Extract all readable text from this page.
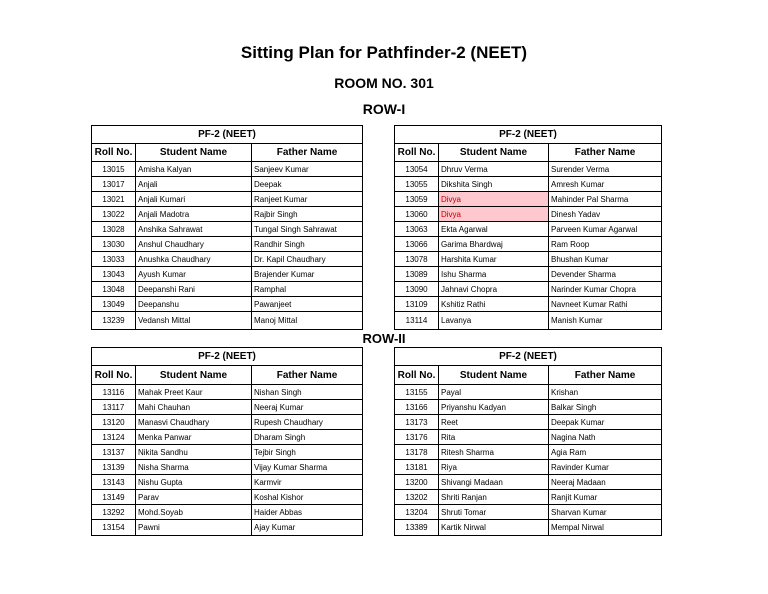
Sitting Plan for Pathfinder-2 (NEET)
ROOM NO. 301
ROW-I
ROW-II
PF-2 (NEET)		
Roll No.	Student Name	Father Name
13015	Amisha Kalyan	Sanjeev Kumar
13017	Anjali	Deepak
13021	Anjali Kumari	Ranjeet Kumar
13022	Anjali Madotra	Rajbir Singh
13028	Anshika Sahrawat	Tungal Singh Sahrawat
13030	Anshul Chaudhary	Randhir Singh
13033	Anushka Chaudhary	Dr. Kapil Chaudhary
13043	Ayush Kumar	Brajender Kumar
13048	Deepanshi Rani	Ramphal
13049	Deepanshu	Pawanjeet
13239	Vedansh Mittal	Manoj Mittal
PF-2 (NEET)		
Roll No.	Student Name	Father Name
13054	Dhruv Verma	Surender Verma
13055	Dikshita Singh	Amresh Kumar
13059	Divya	Mahinder Pal Sharma
13060	Divya	Dinesh Yadav
13063	Ekta Agarwal	Parveen Kumar Agarwal
13066	Garima Bhardwaj	Ram Roop
13078	Harshita Kumar	Bhushan Kumar
13089	Ishu Sharma	Devender Sharma
13090	Jahnavi Chopra	Narinder Kumar Chopra
13109	Kshitiz Rathi	Navneet Kumar Rathi
13114	Lavanya	Manish Kumar
PF-2 (NEET)		
Roll No.	Student Name	Father Name
13116	Mahak Preet Kaur	Nishan Singh
13117	Mahi Chauhan	Neeraj Kumar
13120	Manasvi Chaudhary	Rupesh Chaudhary
13124	Menka Panwar	Dharam Singh
13137	Nikita Sandhu	Tejbir Singh
13139	Nisha Sharma	Vijay Kumar Sharma
13143	Nishu Gupta	Karmvir
13149	Parav	Koshal Kishor
13292	Mohd.Soyab	Haider Abbas
13154	Pawni	Ajay Kumar
PF-2 (NEET)		
Roll No.	Student Name	Father Name
13155	Payal	Krishan
13166	Priyanshu Kadyan	Balkar Singh
13173	Reet	Deepak Kumar
13176	Rita	Nagina Nath
13178	Ritesh Sharma	Agia Ram
13181	Riya	Ravinder Kumar
13200	Shivangi Madaan	Neeraj Madaan
13202	Shriti Ranjan	Ranjit Kumar
13204	Shruti Tomar	Sharvan Kumar
13389	Kartik Nirwal	Mempal Nirwal
